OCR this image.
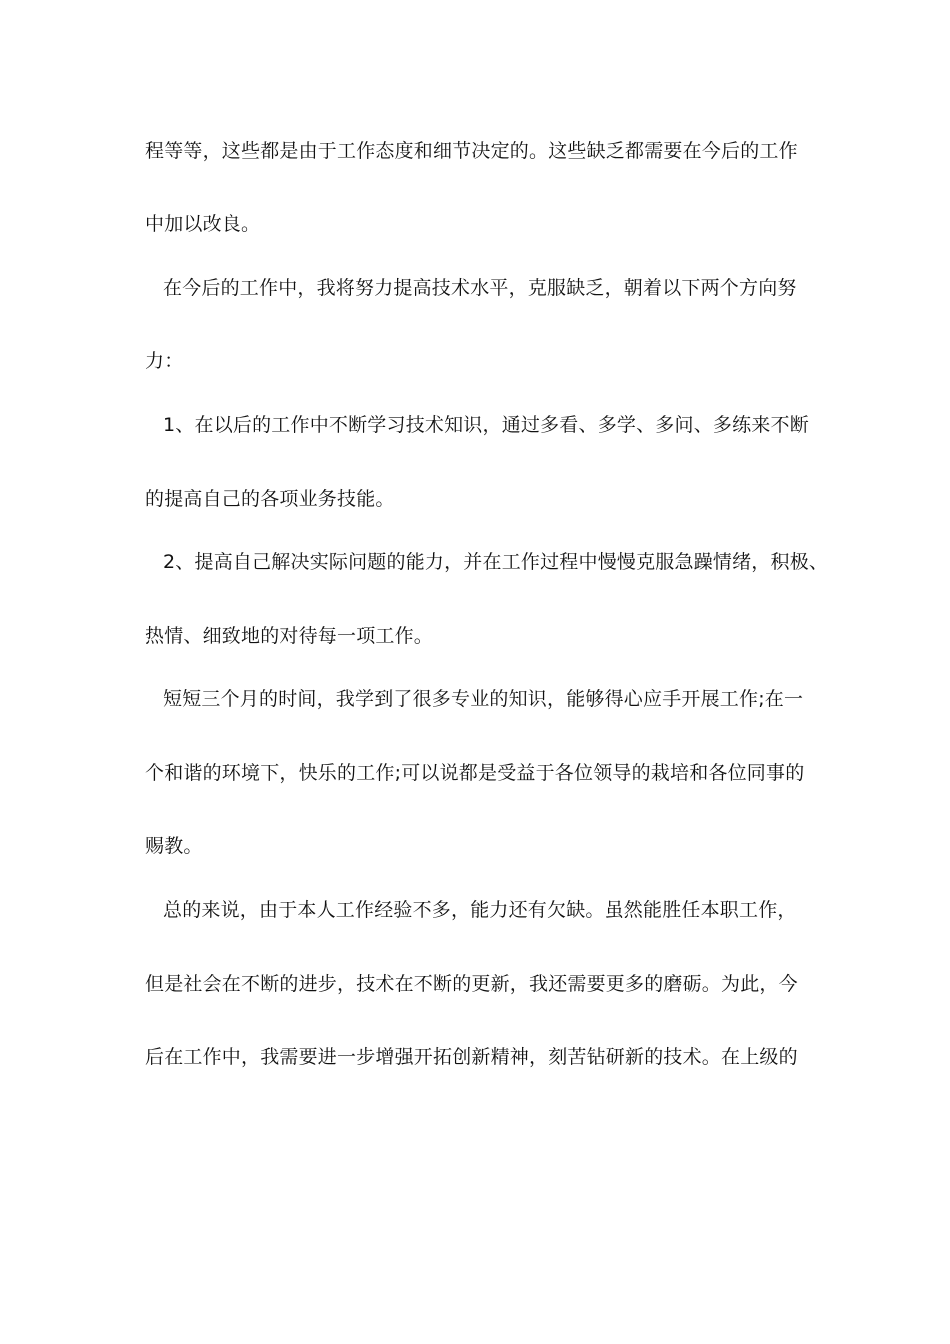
程等等，这些都是由于工作态度和细节决定的。这些缺乏都需要在今后的工作
中加以改良。
在今后的工作中，我将努力提高技术水平，克服缺乏，朝着以下两个方向努
力：
1、在以后的工作中不断学习技术知识，通过多看、多学、多问、多练来不断
的提高自己的各项业务技能。
2、提高自己解决实际问题的能力，并在工作过程中慢慢克服急躁情绪，积极、
热情、细致地的对待每一项工作。
短短三个月的时间，我学到了很多专业的知识，能够得心应手开展工作;在一
个和谐的环境下，快乐的工作;可以说都是受益于各位领导的栽培和各位同事的
赐教。
总的来说，由于本人工作经验不多，能力还有欠缺。虽然能胜任本职工作，
但是社会在不断的进步，技术在不断的更新，我还需要更多的磨砺。为此，今
后在工作中，我需要进一步增强开拓创新精神，刻苦钻研新的技术。在上级的
